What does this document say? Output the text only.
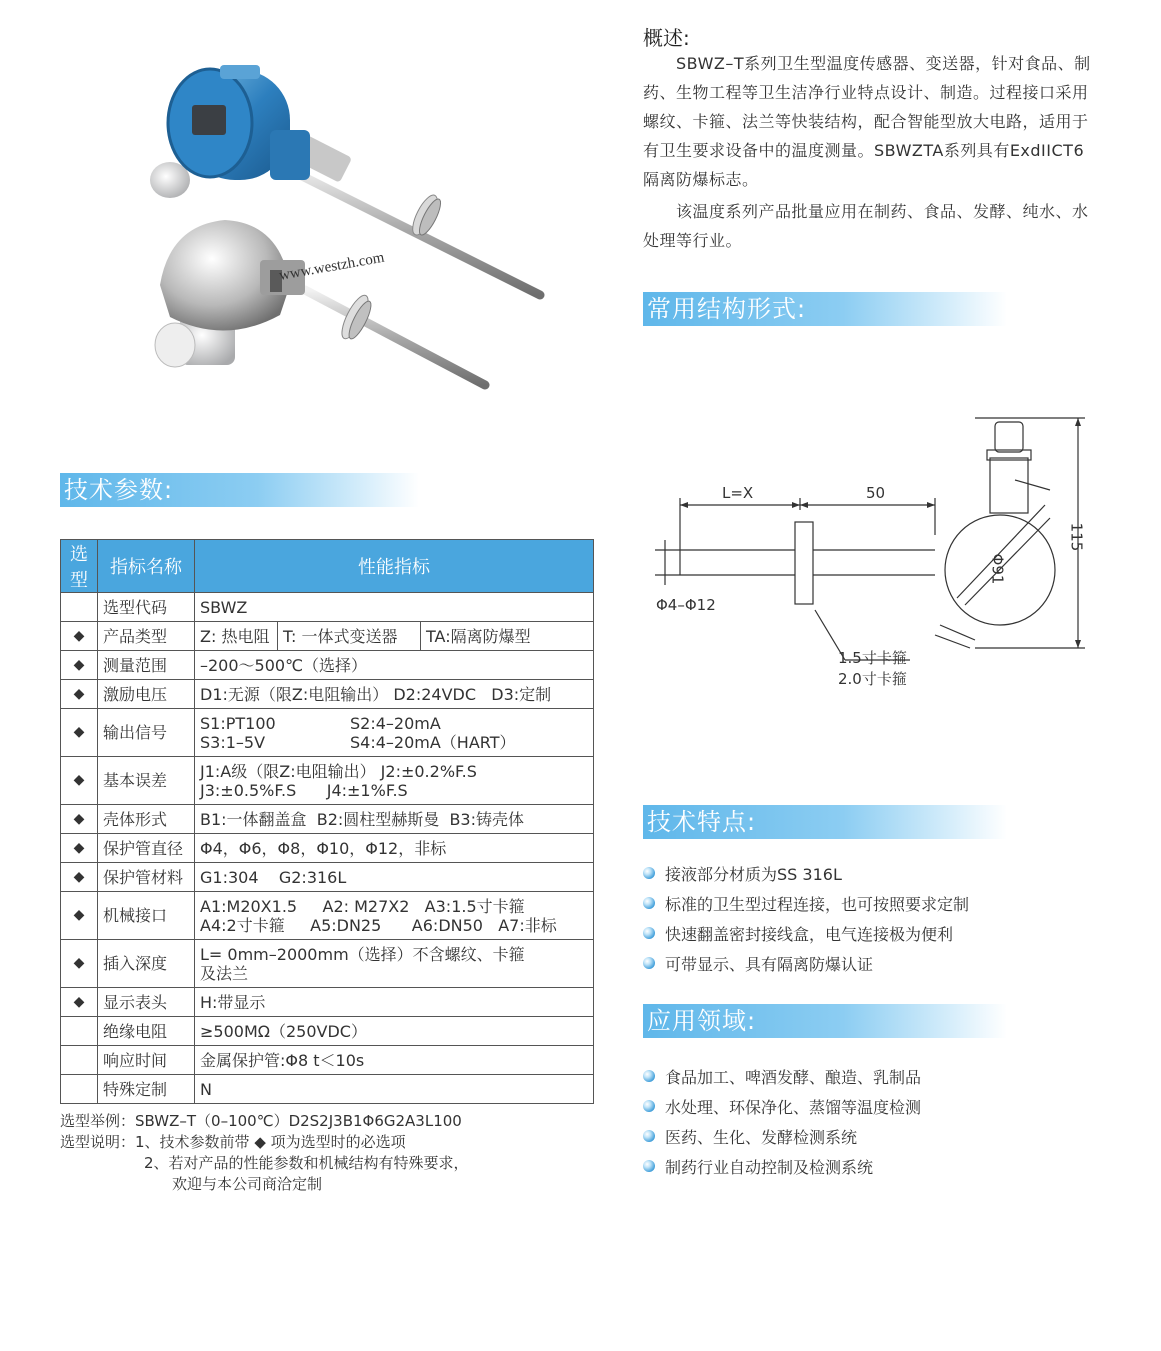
www.westzh.com
概述:
SBWZ–T系列卫生型温度传感器、变送器，针对食品、制药、生物工程等卫生洁净行业特点设计、制造。过程接口采用螺纹、卡箍、法兰等快装结构，配合智能型放大电路，适用于有卫生要求设备中的温度测量。SBWZTA系列具有ExdIICT6隔离防爆标志。
该温度系列产品批量应用在制药、食品、发酵、纯水、水处理等行业。
常用结构形式:
技术参数:
技术特点:
应用领域:
L=X	50
115
Φ91
Φ4–Φ12
1.5寸卡箍
2.0寸卡箍
选型	指标名称	性能指标
	选型代码	SBWZ
◆	产品类型	Z: 热电阻 T: 一体式变送器 TA:隔离防爆型

◆	测量范围	–200～500℃（选择）
◆	激励电压	D1:无源（限Z:电阻输出） D2:24VDC   D3:定制
◆	输出信号	S1:PT100 S2:4–20mA
S3:1–5V S4:4–20mA（HART）

◆	基本误差	J1:A级（限Z:电阻输出） J2:±0.2%F.S
J3:±0.5%F.S      J4:±1%F.S

◆	壳体形式	B1:一体翻盖盒  B2:圆柱型赫斯曼  B3:铸壳体
◆	保护管直径	Φ4，Φ6，Φ8，Φ10，Φ12，非标
◆	保护管材料	G1:304    G2:316L
◆	机械接口	A1:M20X1.5     A2: M27X2   A3:1.5寸卡箍
A4:2寸卡箍     A5:DN25      A6:DN50   A7:非标

◆	插入深度	L= 0mm–2000mm（选择）不含螺纹、卡箍
及法兰

◆	显示表头	H:带显示
	绝缘电阻	≥500MΩ（250VDC）
	响应时间	金属保护管:Φ8 t＜10s
	特殊定制	N
选型举例：SBWZ–T（0–100℃）D2S2J3B1Φ6G2A3L100
选型说明：1、技术参数前带 ◆ 项为选型时的必选项
2、若对产品的性能参数和机械结构有特殊要求，
欢迎与本公司商洽定制
接液部分材质为SS 316L
标准的卫生型过程连接，也可按照要求定制
快速翻盖密封接线盒，电气连接极为便利
可带显示、具有隔离防爆认证
食品加工、啤酒发酵、酿造、乳制品
水处理、环保净化、蒸馏等温度检测
医药、生化、发酵检测系统
制药行业自动控制及检测系统
